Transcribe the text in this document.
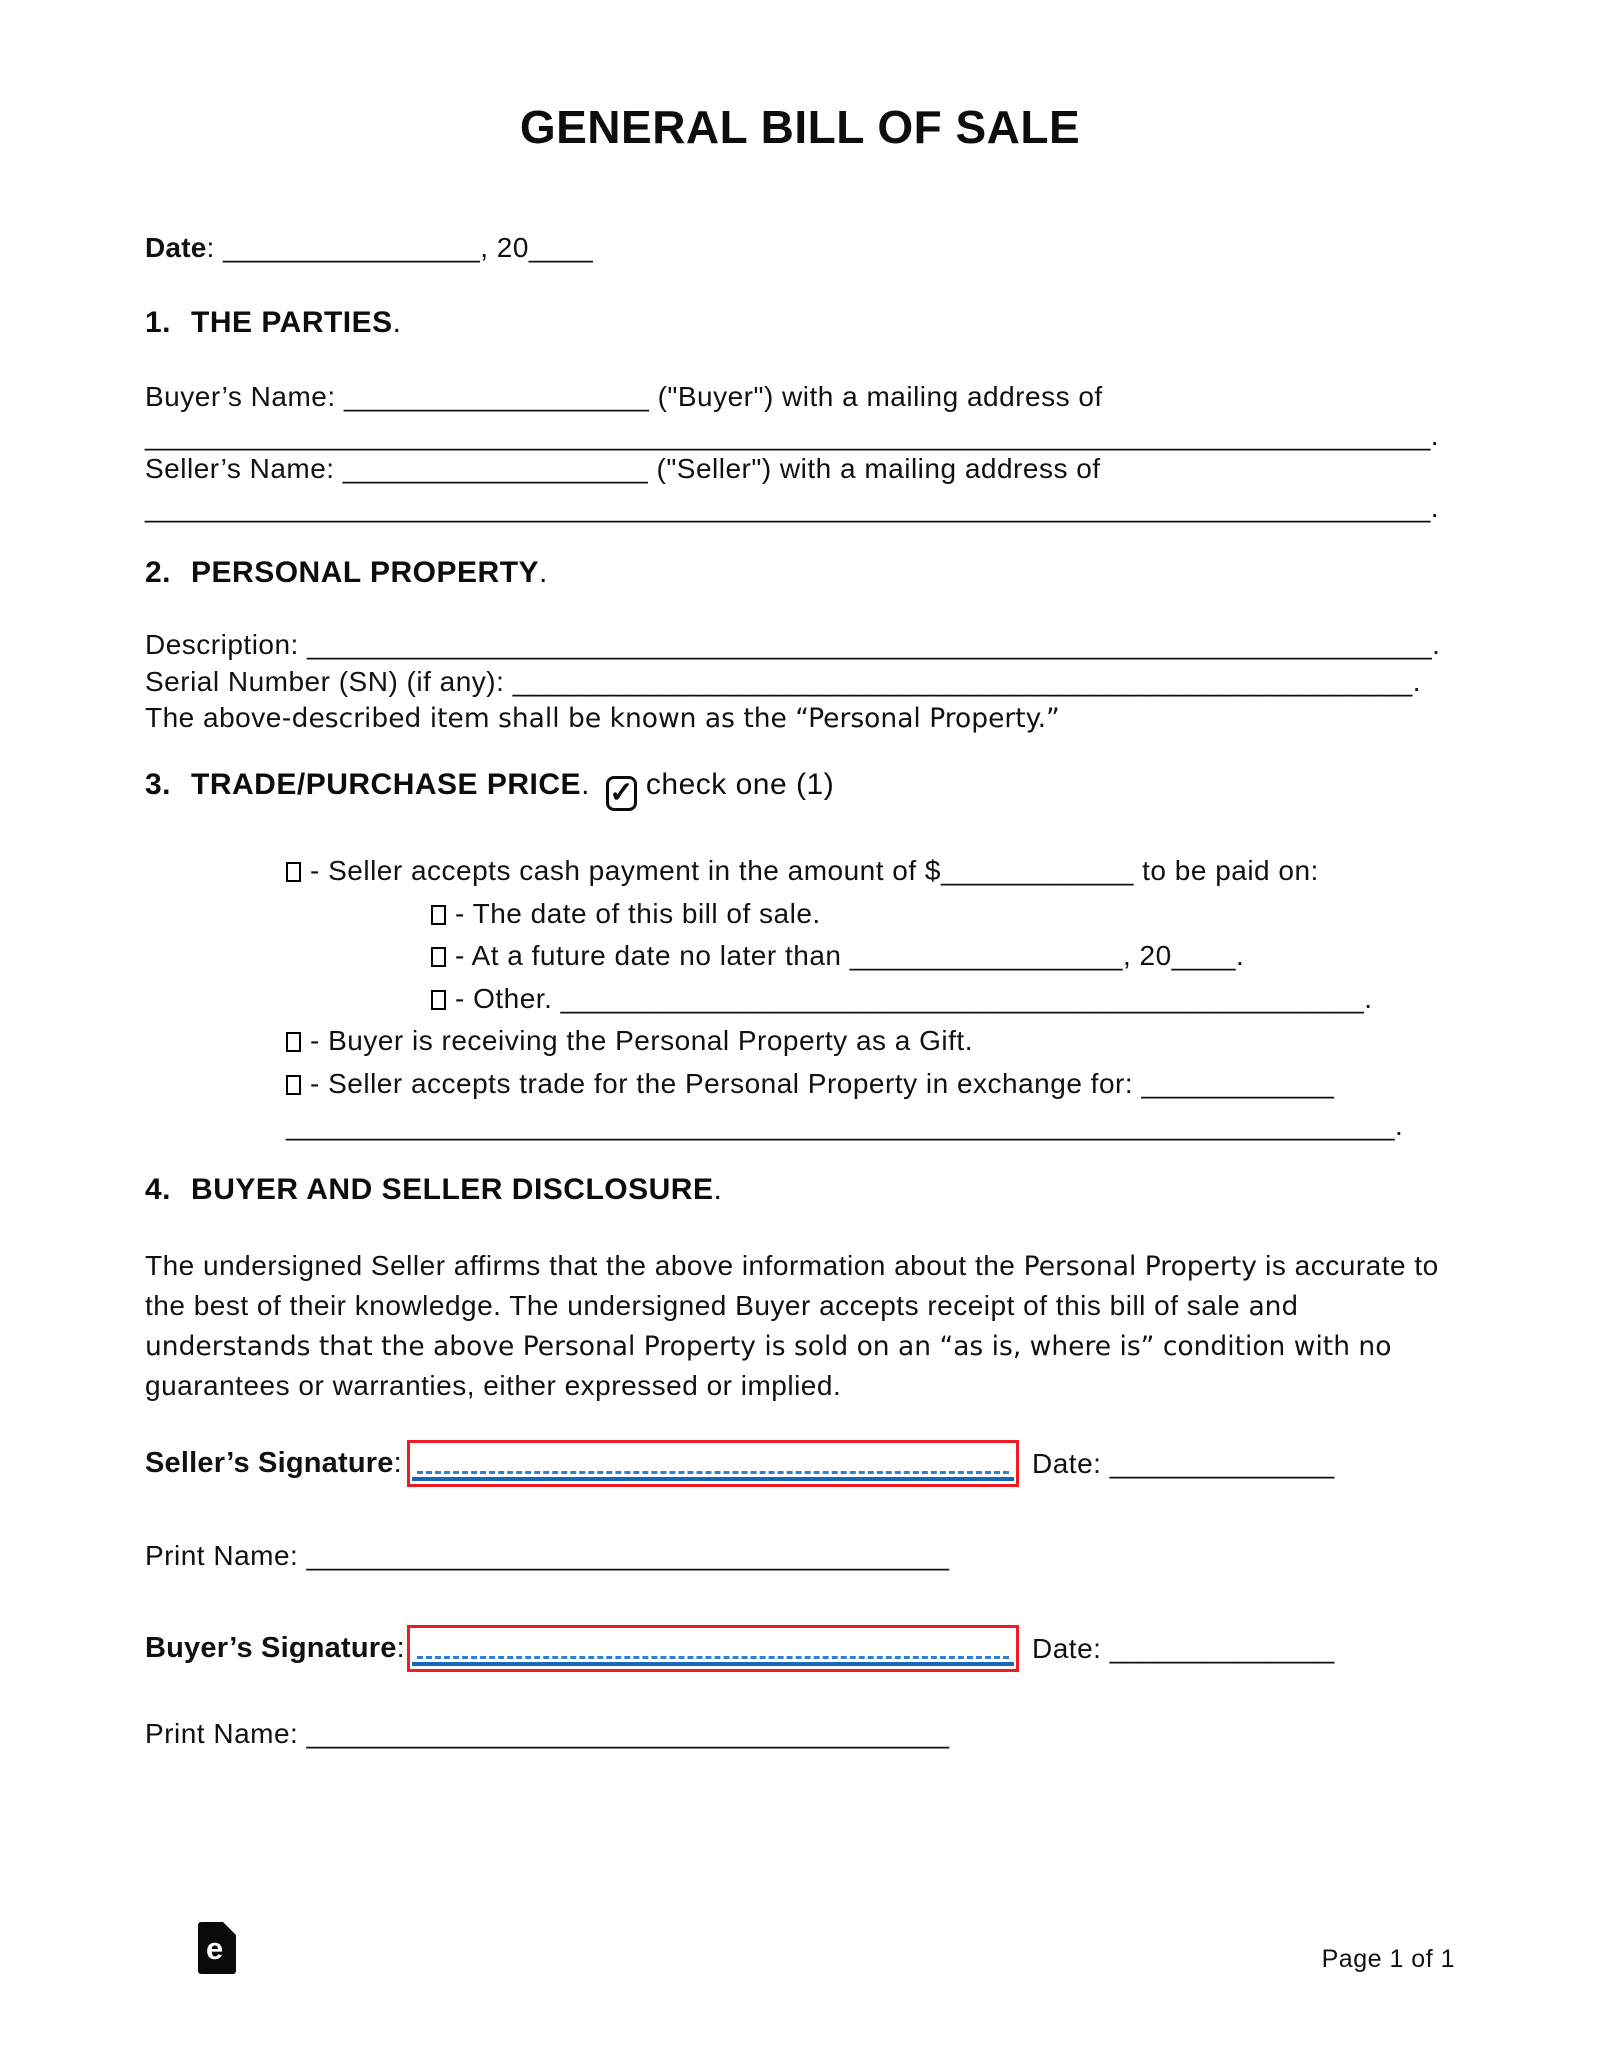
GENERAL BILL OF SALE
Date: ________________, 20____
1. THE PARTIES.
Buyer’s Name: ___________________ ("Buyer") with a mailing address of
________________________________________________________________________________.
Seller’s Name: ___________________ ("Seller") with a mailing address of
________________________________________________________________________________.
2. PERSONAL PROPERTY.
Description: ______________________________________________________________________.
Serial Number (SN) (if any): ________________________________________________________.
The above-described item shall be known as the “Personal Property.”
3. TRADE/PURCHASE PRICE. ✓ check one (1)
- Seller accepts cash payment in the amount of $____________ to be paid on:
- The date of this bill of sale.
- At a future date no later than _________________, 20____.
- Other. __________________________________________________.
- Buyer is receiving the Personal Property as a Gift.
- Seller accepts trade for the Personal Property in exchange for: ____________
_____________________________________________________________________.
4. BUYER AND SELLER DISCLOSURE.
The undersigned Seller affirms that the above information about the Personal Property is accurate to the best of their knowledge. The undersigned Buyer accepts receipt of this bill of sale and understands that the above Personal Property is sold on an “as is, where is” condition with no guarantees or warranties, either expressed or implied.
Seller’s Signature:	Date: ______________
Print Name: ________________________________________
Buyer’s Signature:	Date: ______________
Print Name: ________________________________________
e	Page 1 of 1
